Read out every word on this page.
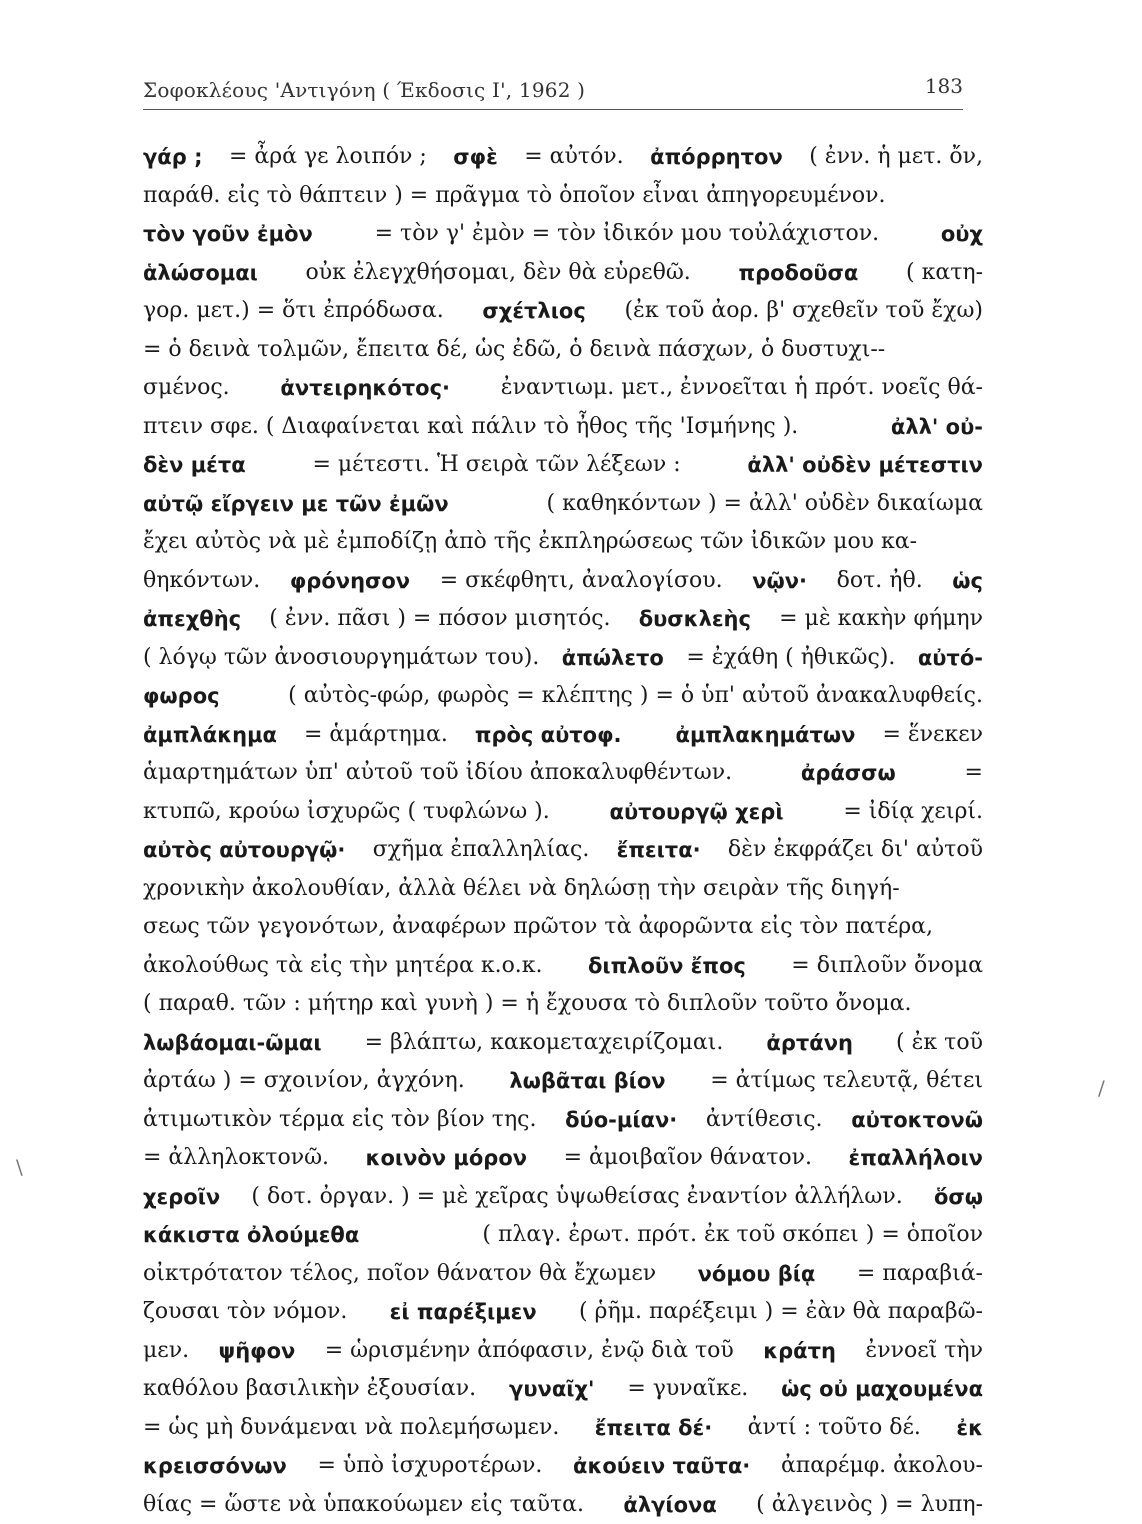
Σοφοκλέους 'Αντιγόνη ( Έκδοσις Ι', 1962 )	183
γάρ ; = ἆρά γε λοιπόν ; σφὲ = αὐτόν. ἀπόρρητον ( ἐνν. ἡ μετ. ὄν,
παράθ. εἰς τὸ θάπτειν ) = πρᾶγμα τὸ ὁποῖον εἶναι ἀπηγορευμένον.
τὸν γοῦν ἐμὸν	= τὸν γ' ἐμὸν = τὸν ἰδικόν μου τοὐλάχιστον.	οὐχ
ἁλώσομαι οὐκ ἐλεγχθήσομαι, δὲν θὰ εὑρεθῶ. προδοῦσα ( κατη-
γορ. μετ.) = ὅτι ἐπρόδωσα. σχέτλιος (ἐκ τοῦ ἀορ. β' σχεθεῖν τοῦ ἔχω)
= ὁ δεινὰ τολμῶν, ἔπειτα δέ, ὡς ἐδῶ, ὁ δεινὰ πάσχων, ὁ δυστυχι--
σμένος. ἀντειρηκότος· ἐναντιωμ. μετ., ἐννοεῖται ἡ πρότ. νοεῖς θά-
πτειν σφε. ( Διαφαίνεται καὶ πάλιν τὸ ἦθος τῆς 'Ισμήνης ).	ἀλλ' οὐ-
δὲν μέτα	= μέτεστι. Ἡ σειρὰ τῶν λέξεων :	ἀλλ' οὐδὲν μέτεστιν
αὐτῷ εἴργειν με τῶν ἐμῶν	( καθηκόντων ) = ἀλλ' οὐδὲν δικαίωμα
ἔχει αὐτὸς νὰ μὲ ἐμποδίζῃ ἀπὸ τῆς ἐκπληρώσεως τῶν ἰδικῶν μου κα-
θηκόντων. φρόνησον = σκέφθητι, ἀναλογίσου. νῷν· δοτ. ἠθ. ὡς
ἀπεχθὴς ( ἐνν. πᾶσι ) = πόσον μισητός. δυσκλεὴς = μὲ κακὴν φήμην
( λόγῳ τῶν ἀνοσιουργημάτων του). ἀπώλετο = ἐχάθη ( ἠθικῶς). αὐτό-
φωρος	( αὐτὸς-φώρ, φωρὸς = κλέπτης ) = ὁ ὑπ' αὐτοῦ ἀνακαλυφθείς.
ἀμπλάκημα = ἁμάρτημα. πρὸς αὐτοφ.	ἀμπλακημάτων = ἕνεκεν
ἁμαρτημάτων ὑπ' αὐτοῦ τοῦ ἰδίου ἀποκαλυφθέντων.	ἀράσσω	=
κτυπῶ, κρούω ἰσχυρῶς ( τυφλώνω ).	αὐτουργῷ χερὶ	= ἰδίᾳ χειρί.
αὐτὸς αὐτουργῷ· σχῆμα ἐπαλληλίας. ἔπειτα· δὲν ἐκφράζει δι' αὐτοῦ
χρονικὴν ἀκολουθίαν, ἀλλὰ θέλει νὰ δηλώσῃ τὴν σειρὰν τῆς διηγή-
σεως τῶν γεγονότων, ἀναφέρων πρῶτον τὰ ἀφορῶντα εἰς τὸν πατέρα,
ἀκολούθως τὰ εἰς τὴν μητέρα κ.ο.κ. διπλοῦν ἔπος = διπλοῦν ὄνομα
( παραθ. τῶν : μήτηρ καὶ γυνὴ ) = ἡ ἔχουσα τὸ διπλοῦν τοῦτο ὄνομα.
λωβάομαι-ῶμαι = βλάπτω, κακομεταχειρίζομαι. ἀρτάνη ( ἐκ τοῦ
ἀρτάω ) = σχοινίον, ἀγχόνη. λωβᾶται βίον = ἀτίμως τελευτᾷ, θέτει
ἀτιμωτικὸν τέρμα εἰς τὸν βίον της. δύο-μίαν· ἀντίθεσις. αὐτοκτονῶ
= ἀλληλοκτονῶ. κοινὸν μόρον = ἀμοιβαῖον θάνατον. ἐπαλλήλοιν
χεροῖν ( δοτ. ὀργαν. ) = μὲ χεῖρας ὑψωθείσας ἐναντίον ἀλλήλων. ὅσῳ
κάκιστα ὀλούμεθα	( πλαγ. ἐρωτ. πρότ. ἐκ τοῦ σκόπει ) = ὁποῖον
οἰκτρότατον τέλος, ποῖον θάνατον θὰ ἔχωμεν νόμου βίᾳ = παραβιά-
ζουσαι τὸν νόμον. εἰ παρέξιμεν ( ῥῆμ. παρέξειμι ) = ἐὰν θὰ παραβῶ-
μεν. ψῆφον = ὡρισμένην ἀπόφασιν, ἐνῷ διὰ τοῦ κράτη ἐννοεῖ τὴν
καθόλου βασιλικὴν ἐξουσίαν. γυναῖχ' = γυναῖκε. ὡς οὐ μαχουμένα
= ὡς μὴ δυνάμεναι νὰ πολεμήσωμεν. ἔπειτα δέ· ἀντί : τοῦτο δέ. ἐκ
κρεισσόνων = ὑπὸ ἰσχυροτέρων. ἀκούειν ταῦτα· ἀπαρέμφ. ἀκολου-
θίας = ὥστε νὰ ὑπακούωμεν εἰς ταῦτα. ἀλγίονα ( ἀλγεινὸς ) = λυπη-
/
\
